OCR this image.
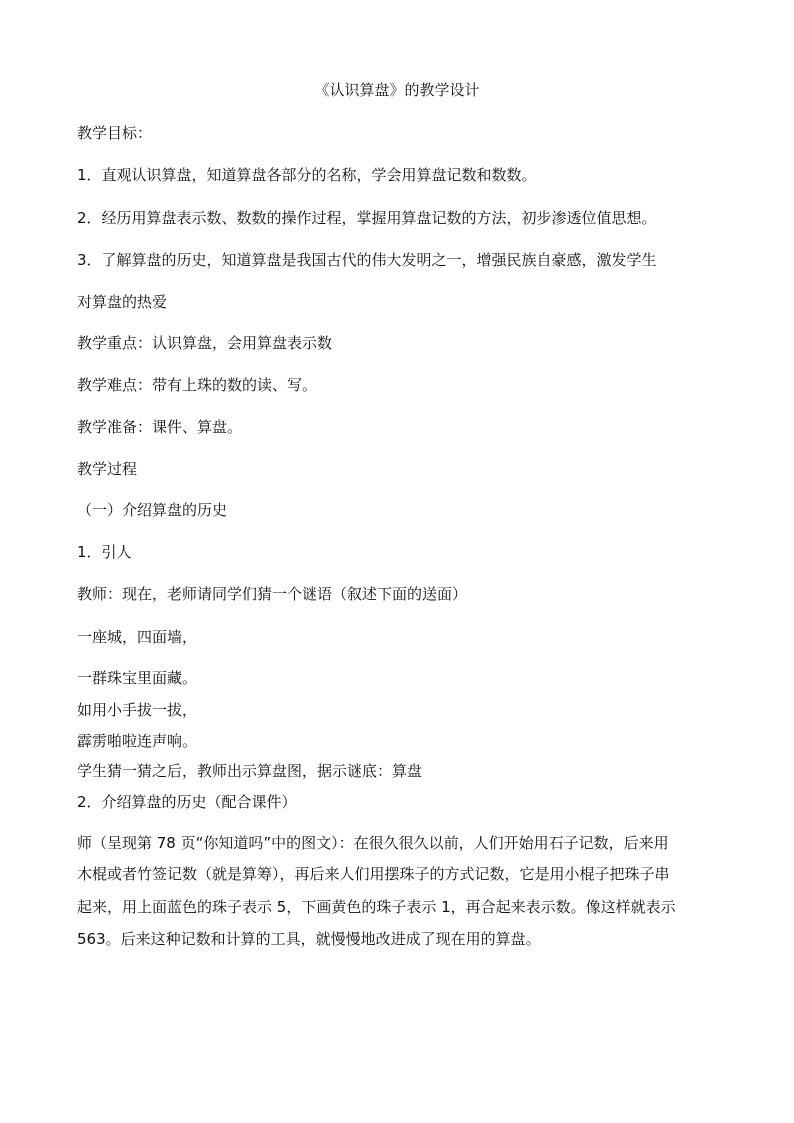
《认识算盘》的教学设计
教学目标：
1．直观认识算盘，知道算盘各部分的名称，学会用算盘记数和数数。
2．经历用算盘表示数、数数的操作过程，掌握用算盘记数的方法，初步渗透位值思想。
3．了解算盘的历史，知道算盘是我国古代的伟大发明之一，增强民族自豪感，激发学生
对算盘的热爱
教学重点：认识算盘，会用算盘表示数
教学难点：带有上珠的数的读、写。
教学准备：课件、算盘。
教学过程
（一）介绍算盘的历史
1．引人
教师：现在，老师请同学们猜一个谜语（叙述下面的送面）
一座城，四面墙，
一群珠宝里面藏。
如用小手拔一拔，
霹雳啪啦连声响。
学生猜一猜之后，教师出示算盘图，据示谜底：算盘
2．介绍算盘的历史（配合课件）
师（呈现第 78 页“你知道吗”中的图文）：在很久很久以前，人们开始用石子记数，后来用
木棍或者竹签记数（就是算筹），再后来人们用摆珠子的方式记数，它是用小棍子把珠子串
起来，用上面蓝色的珠子表示 5，下画黄色的珠子表示 1，再合起来表示数。像这样就表示
563。后来这种记数和计算的工具，就慢慢地改进成了现在用的算盘。
